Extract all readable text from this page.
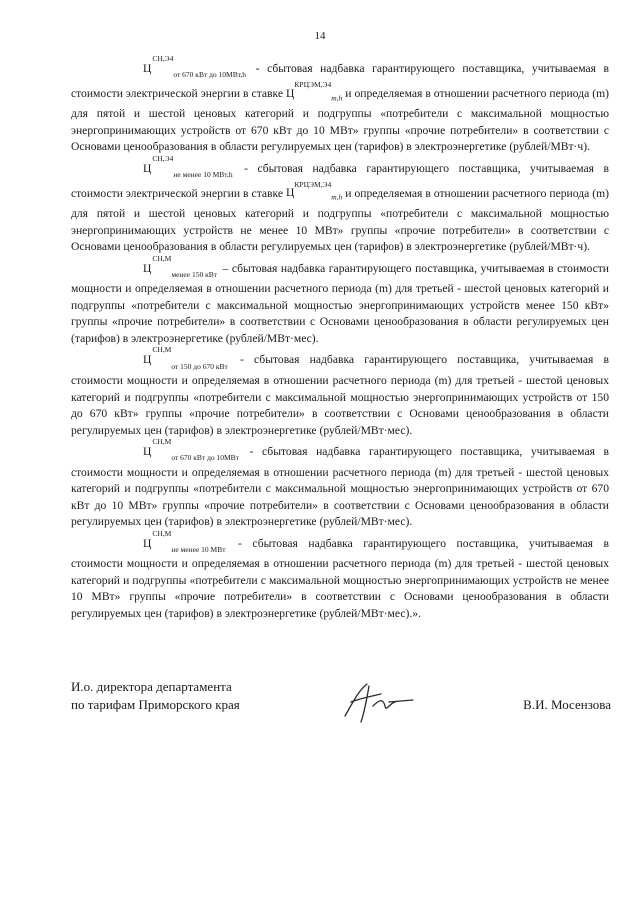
14

$Ц^{СН,Э4}_{от 670 кВт до 10МВт,h}$ - сбытовая надбавка гарантирующего поставщика, учитываемая в стоимости электрической энергии в ставке $Ц^{КРЦЭМ,Э4}_{m,h}$ и определяемая в отношении расчетного периода (m) для пятой и шестой ценовых категорий и подгруппы «потребители с максимальной мощностью энергопринимающих устройств от 670 кВт до 10 МВт» группы «прочие потребители» в соответствии с Основами ценообразования в области регулируемых цен (тарифов) в электроэнергетике (рублей/МВт·ч).

$Ц^{СН,Э4}_{не менее 10 МВт,h}$ - сбытовая надбавка гарантирующего поставщика, учитываемая в стоимости электрической энергии в ставке $Ц^{КРЦЭМ,Э4}_{m,h}$ и определяемая в отношении расчетного периода (m) для пятой и шестой ценовых категорий и подгруппы «потребители с максимальной мощностью энергопринимающих устройств не менее 10 МВт» группы «прочие потребители» в соответствии с Основами ценообразования в области регулируемых цен (тарифов) в электроэнергетике (рублей/МВт·ч).

$Ц^{СН,М}_{менее 150 кВт}$ – сбытовая надбавка гарантирующего поставщика, учитываемая в стоимости мощности и определяемая в отношении расчетного периода (m) для третьей - шестой ценовых категорий и подгруппы «потребители с максимальной мощностью энергопринимающих устройств менее 150 кВт» группы «прочие потребители» в соответствии с Основами ценообразования в области регулируемых цен (тарифов) в электроэнергетике (рублей/МВт·мес).

$Ц^{СН,М}_{от 150 до 670 кВт}$ - сбытовая надбавка гарантирующего поставщика, учитываемая в стоимости мощности и определяемая в отношении расчетного периода (m) для третьей - шестой ценовых категорий и подгруппы «потребители с максимальной мощностью энергопринимающих устройств от 150 до 670 кВт» группы «прочие потребители» в соответствии с Основами ценообразования в области регулируемых цен (тарифов) в электроэнергетике (рублей/МВт·мес).

$Ц^{СН,М}_{от 670 кВт до 10МВт}$ - сбытовая надбавка гарантирующего поставщика, учитываемая в стоимости мощности и определяемая в отношении расчетного периода (m) для третьей - шестой ценовых категорий и подгруппы «потребители с максимальной мощностью энергопринимающих устройств от 670 кВт до 10 МВт» группы «прочие потребители» в соответствии с Основами ценообразования в области регулируемых цен (тарифов) в электроэнергетике (рублей/МВт·мес).

$Ц^{СН,М}_{не менее 10 МВт}$ - сбытовая надбавка гарантирующего поставщика, учитываемая в стоимости мощности и определяемая в отношении расчетного периода (m) для третьей - шестой ценовых категорий и подгруппы «потребители с максимальной мощностью энергопринимающих устройств не менее 10 МВт» группы «прочие потребители» в соответствии с Основами ценообразования в области регулируемых цен (тарифов) в электроэнергетике (рублей/МВт·мес).».

И.о. директора департамента
по тарифам Приморского края	В.И. Мосензова
